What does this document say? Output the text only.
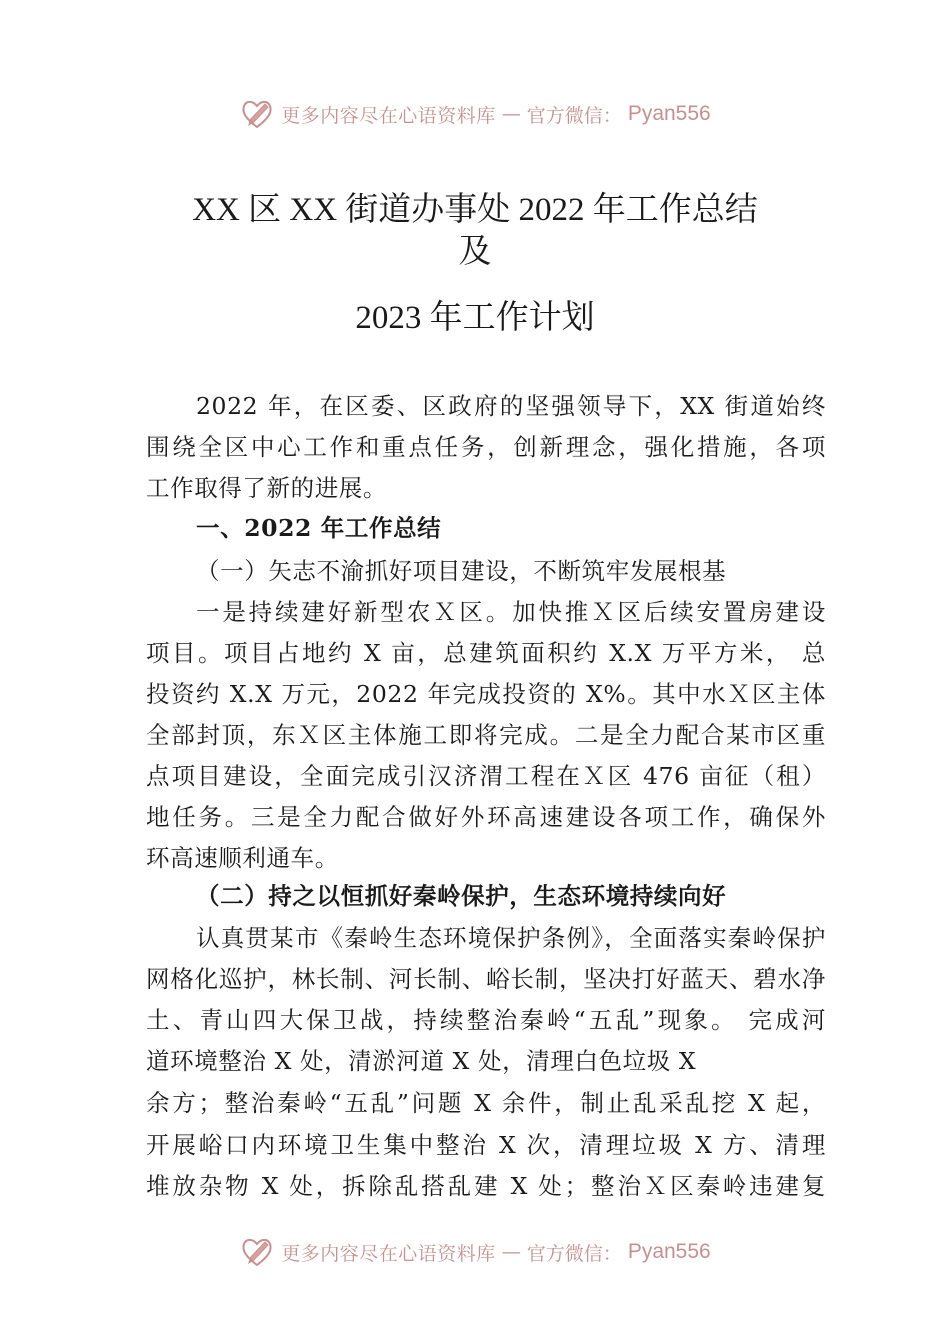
更多内容尽在心语资料库 — 官方微信： Pyan556
XX 区 XX 街道办事处 2022 年工作总结
及
2023 年工作计划
2022 年，在区委、区政府的坚强领导下，XX 街道始终
围绕全区中心工作和重点任务，创新理念，强化措施，各项
工作取得了新的进展。
一、2022 年工作总结
（一）矢志不渝抓好项目建设，不断筑牢发展根基
一是持续建好新型农Ｘ区。加快推Ｘ区后续安置房建设
项目。项目占地约 X 亩，总建筑面积约 X.X 万平方米， 总
投资约 X.X 万元，2022 年完成投资的 X%。其中水Ｘ区主体
全部封顶，东Ｘ区主体施工即将完成。二是全力配合某市区重
点项目建设，全面完成引汉济渭工程在Ｘ区 476 亩征（租）
地任务。三是全力配合做好外环高速建设各项工作，确保外
环高速顺利通车。
（二）持之以恒抓好秦岭保护，生态环境持续向好
认真贯某市《秦岭生态环境保护条例》，全面落实秦岭保护
网格化巡护，林长制、河长制、峪长制，坚决打好蓝天、碧水净
土、青山四大保卫战，持续整治秦岭“五乱”现象。 完成河
道环境整治 X 处，清淤河道 X 处，清理白色垃圾 X
余方；整治秦岭“五乱”问题 X 余件，制止乱采乱挖 X 起，
开展峪口内环境卫生集中整治 X 次，清理垃圾 X 方、清理
堆放杂物 X 处，拆除乱搭乱建 X 处；整治Ｘ区秦岭违建复
更多内容尽在心语资料库 — 官方微信： Pyan556
